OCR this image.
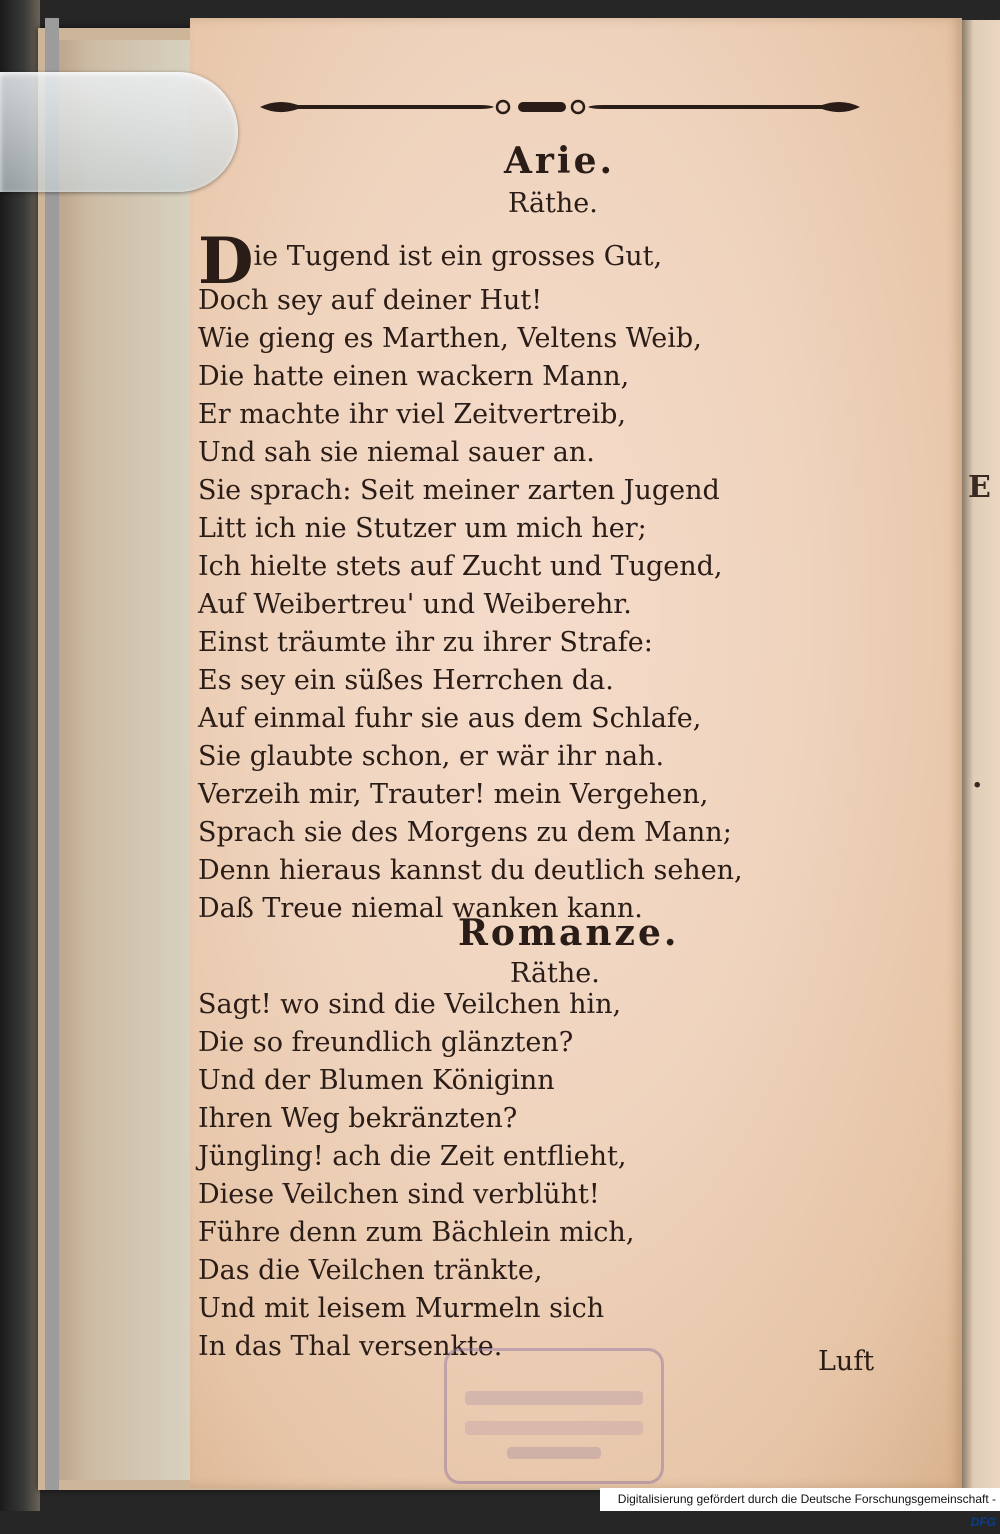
E
.
Arie.
Räthe.
Die Tugend ist ein grosses Gut,
Doch sey auf deiner Hut!
Wie gieng es Marthen, Veltens Weib,
Die hatte einen wackern Mann,
Er machte ihr viel Zeitvertreib,
Und sah sie niemal sauer an.
Sie sprach: Seit meiner zarten Jugend
Litt ich nie Stutzer um mich her;
Ich hielte stets auf Zucht und Tugend,
Auf Weibertreu' und Weiberehr.
Einst träumte ihr zu ihrer Strafe:
Es sey ein süßes Herrchen da.
Auf einmal fuhr sie aus dem Schlafe,
Sie glaubte schon, er wär ihr nah.
Verzeih mir, Trauter! mein Vergehen,
Sprach sie des Morgens zu dem Mann;
Denn hieraus kannst du deutlich sehen,
Daß Treue niemal wanken kann.
Romanze.
Räthe.
Sagt! wo sind die Veilchen hin,
Die so freundlich glänzten?
Und der Blumen Königinn
Ihren Weg bekränzten?
Jüngling! ach die Zeit entflieht,
Diese Veilchen sind verblüht!
Führe denn zum Bächlein mich,
Das die Veilchen tränkte,
Und mit leisem Murmeln sich
In das Thal versenkte.	Luft
Digitalisierung gefördert durch die Deutsche Forschungsgemeinschaft -DFG
